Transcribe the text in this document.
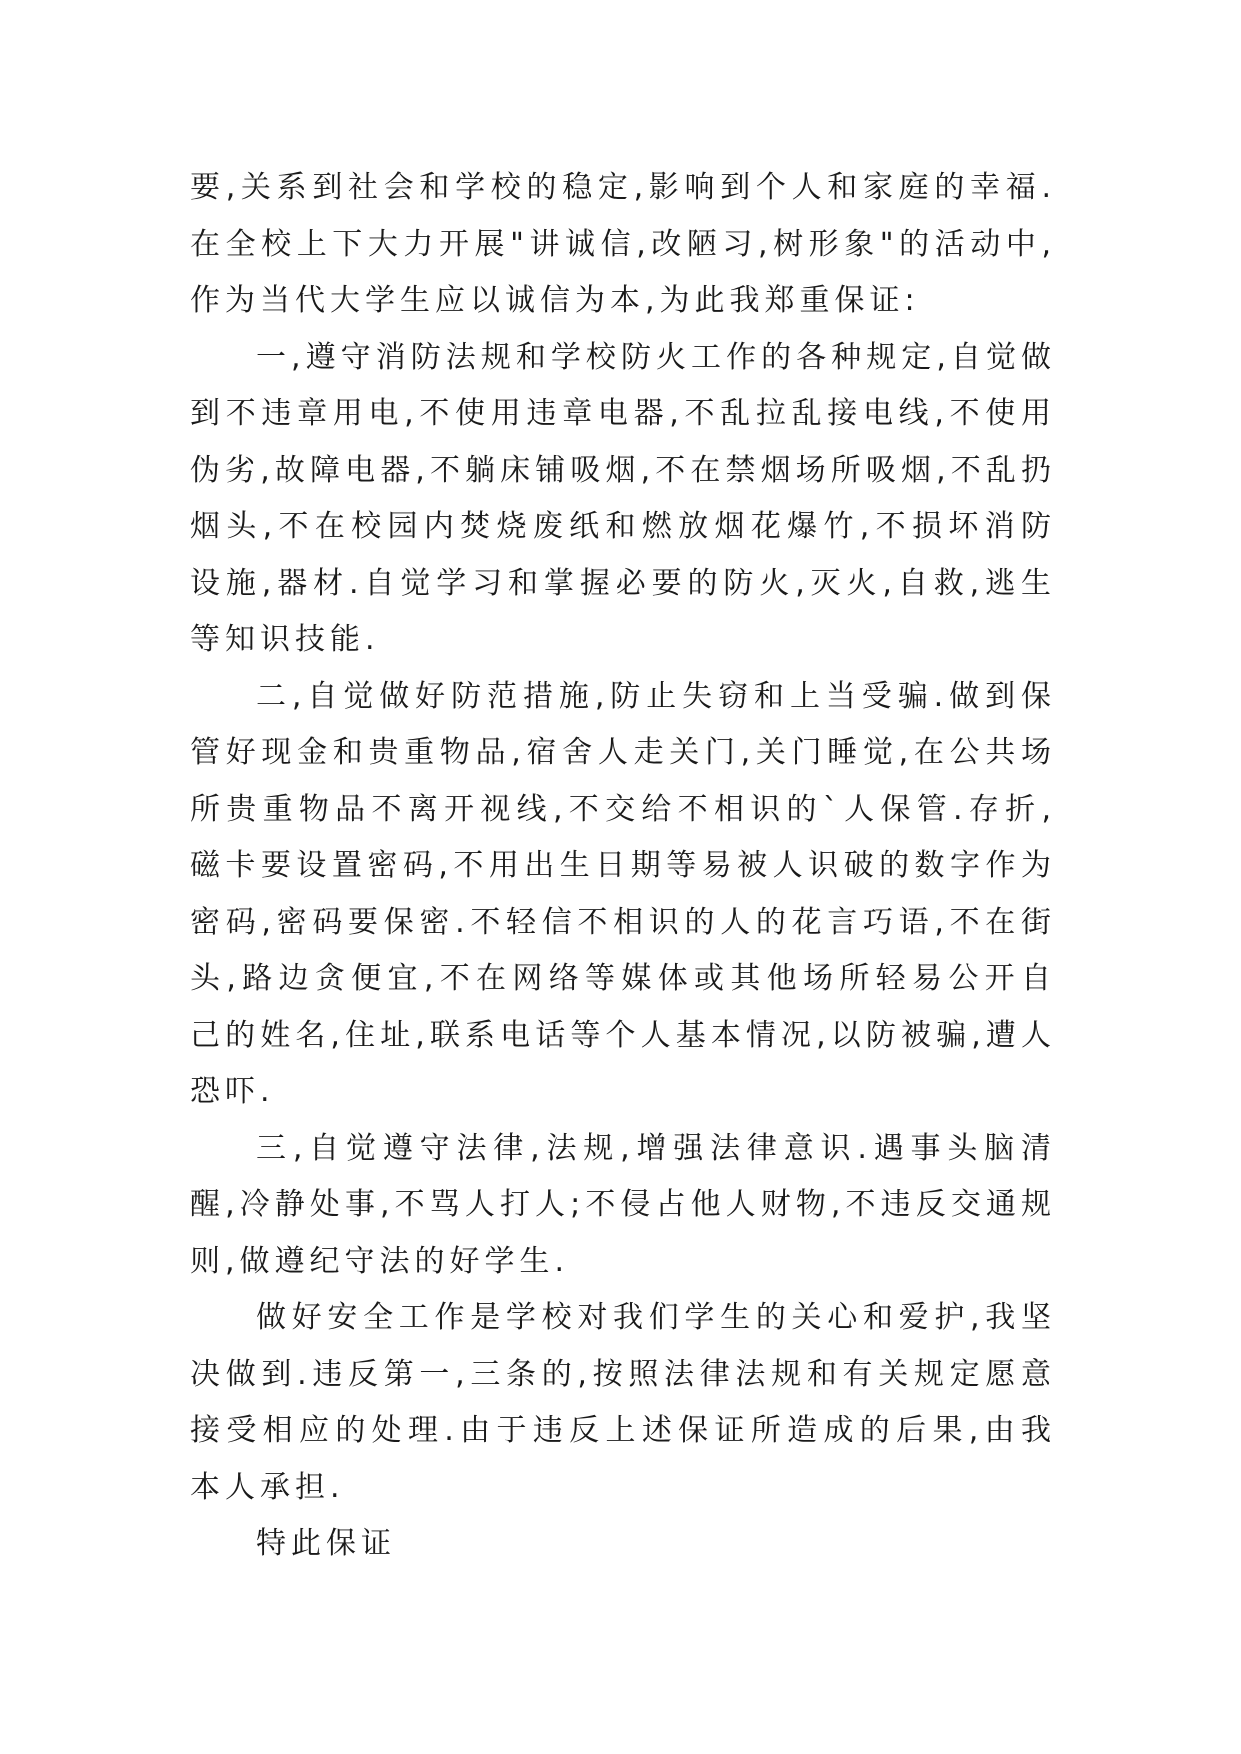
要,关系到社会和学校的稳定,影响到个人和家庭的幸福.在全校上下大力开展"讲诚信,改陋习,树形象"的活动中,作为当代大学生应以诚信为本,为此我郑重保证:

一,遵守消防法规和学校防火工作的各种规定,自觉做到不违章用电,不使用违章电器,不乱拉乱接电线,不使用伪劣,故障电器,不躺床铺吸烟,不在禁烟场所吸烟,不乱扔烟头,不在校园内焚烧废纸和燃放烟花爆竹,不损坏消防设施,器材.自觉学习和掌握必要的防火,灭火,自救,逃生等知识技能.

二,自觉做好防范措施,防止失窃和上当受骗.做到保管好现金和贵重物品,宿舍人走关门,关门睡觉,在公共场所贵重物品不离开视线,不交给不相识的`人保管.存折,磁卡要设置密码,不用出生日期等易被人识破的数字作为密码,密码要保密.不轻信不相识的人的花言巧语,不在街头,路边贪便宜,不在网络等媒体或其他场所轻易公开自己的姓名,住址,联系电话等个人基本情况,以防被骗,遭人恐吓.

三,自觉遵守法律,法规,增强法律意识.遇事头脑清醒,冷静处事,不骂人打人;不侵占他人财物,不违反交通规则,做遵纪守法的好学生.

做好安全工作是学校对我们学生的关心和爱护,我坚决做到.违反第一,三条的,按照法律法规和有关规定愿意接受相应的处理.由于违反上述保证所造成的后果,由我本人承担.

特此保证
